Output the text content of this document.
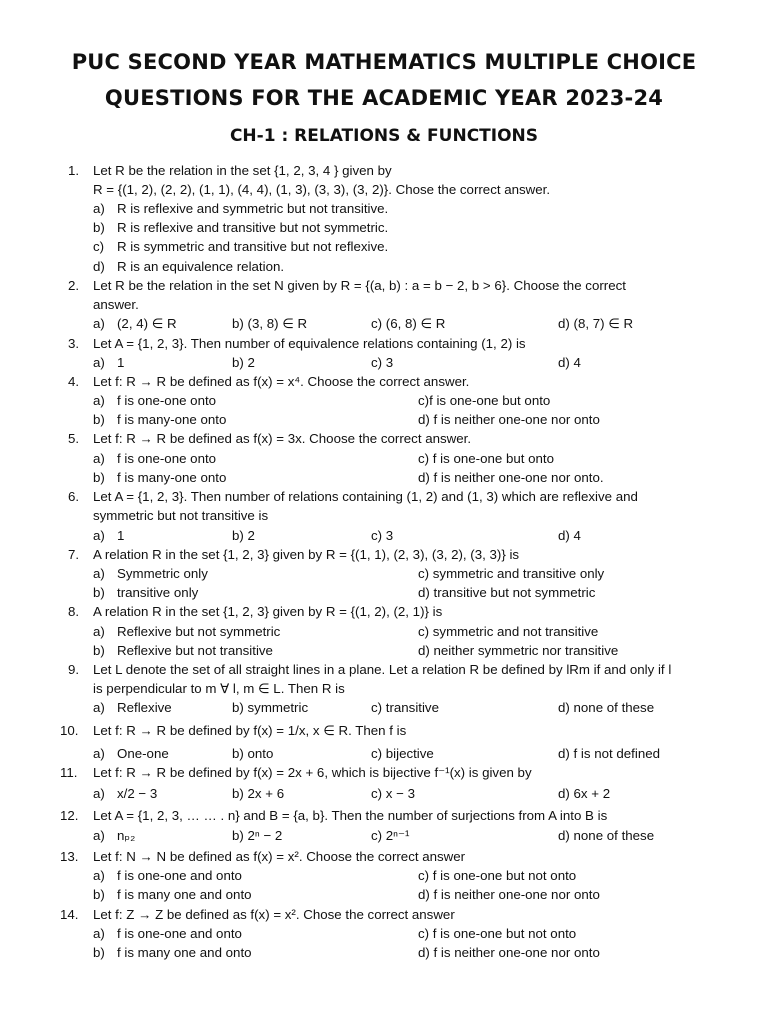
PUC SECOND YEAR MATHEMATICS MULTIPLE CHOICE
QUESTIONS FOR THE ACADEMIC YEAR 2023-24
CH-1 : RELATIONS & FUNCTIONS
1. Let R be the relation in the set {1, 2, 3, 4 } given by
R = {(1, 2), (2, 2), (1, 1), (4, 4), (1, 3), (3, 3), (3, 2)}. Chose the correct answer.
a) R is reflexive and symmetric but not transitive.
b) R is reflexive and transitive but not symmetric.
c) R is symmetric and transitive but not reflexive.
d) R is an equivalence relation.
2. Let R be the relation in the set N given by R = {(a, b) : a = b − 2, b > 6}. Choose the correct
answer.
a) (2, 4) ∈ R	b) (3, 8) ∈ R	c) (6, 8) ∈ R	d) (8, 7) ∈ R
3. Let A = {1, 2, 3}. Then number of equivalence relations containing (1, 2) is
a) 1	b) 2	c) 3	d) 4
4. Let f: R → R be defined as f(x) = x⁴. Choose the correct answer.
a) f is one-one onto	c)f is one-one but onto
b) f is many-one onto	d) f is neither one-one nor onto
5. Let f: R → R be defined as f(x) = 3x. Choose the correct answer.
a) f is one-one onto	c) f is one-one but onto
b) f is many-one onto	d) f is neither one-one nor onto.
6. Let A = {1, 2, 3}. Then number of relations containing (1, 2) and (1, 3) which are reflexive and
symmetric but not transitive is
a) 1	b) 2	c) 3	d) 4
7. A relation R in the set {1, 2, 3} given by R = {(1, 1), (2, 3), (3, 2), (3, 3)} is
a) Symmetric only	c) symmetric and transitive only
b) transitive only	d) transitive but not symmetric
8. A relation R in the set {1, 2, 3} given by R = {(1, 2), (2, 1)} is
a) Reflexive but not symmetric	c) symmetric and not transitive
b) Reflexive but not transitive	d) neither symmetric nor transitive
9. Let L denote the set of all straight lines in a plane. Let a relation R be defined by lRm if and only if l
is perpendicular to m ∀ l, m ∈ L. Then R is
a) Reflexive	b) symmetric	c) transitive	d) none of these
10. Let f: R → R be defined by f(x) = 1/x, x ∈ R. Then f is
a) One-one	b) onto	c) bijective	d) f is not defined
11. Let f: R → R be defined by f(x) = 2x + 6, which is bijective f⁻¹(x) is given by
a) x/2 − 3	b) 2x + 6	c) x − 3	d) 6x + 2
12. Let A = {1, 2, 3, … … . n} and B = {a, b}. Then the number of surjections from A into B is
a) nₚ₂	b) 2ⁿ − 2	c) 2ⁿ⁻¹	d) none of these
13. Let f: N → N be defined as f(x) = x². Choose the correct answer
a) f is one-one and onto	c) f is one-one but not onto
b) f is many one and onto	d) f is neither one-one nor onto
14. Let f: Z → Z be defined as f(x) = x². Chose the correct answer
a) f is one-one and onto	c) f is one-one but not onto
b) f is many one and onto	d) f is neither one-one nor onto
